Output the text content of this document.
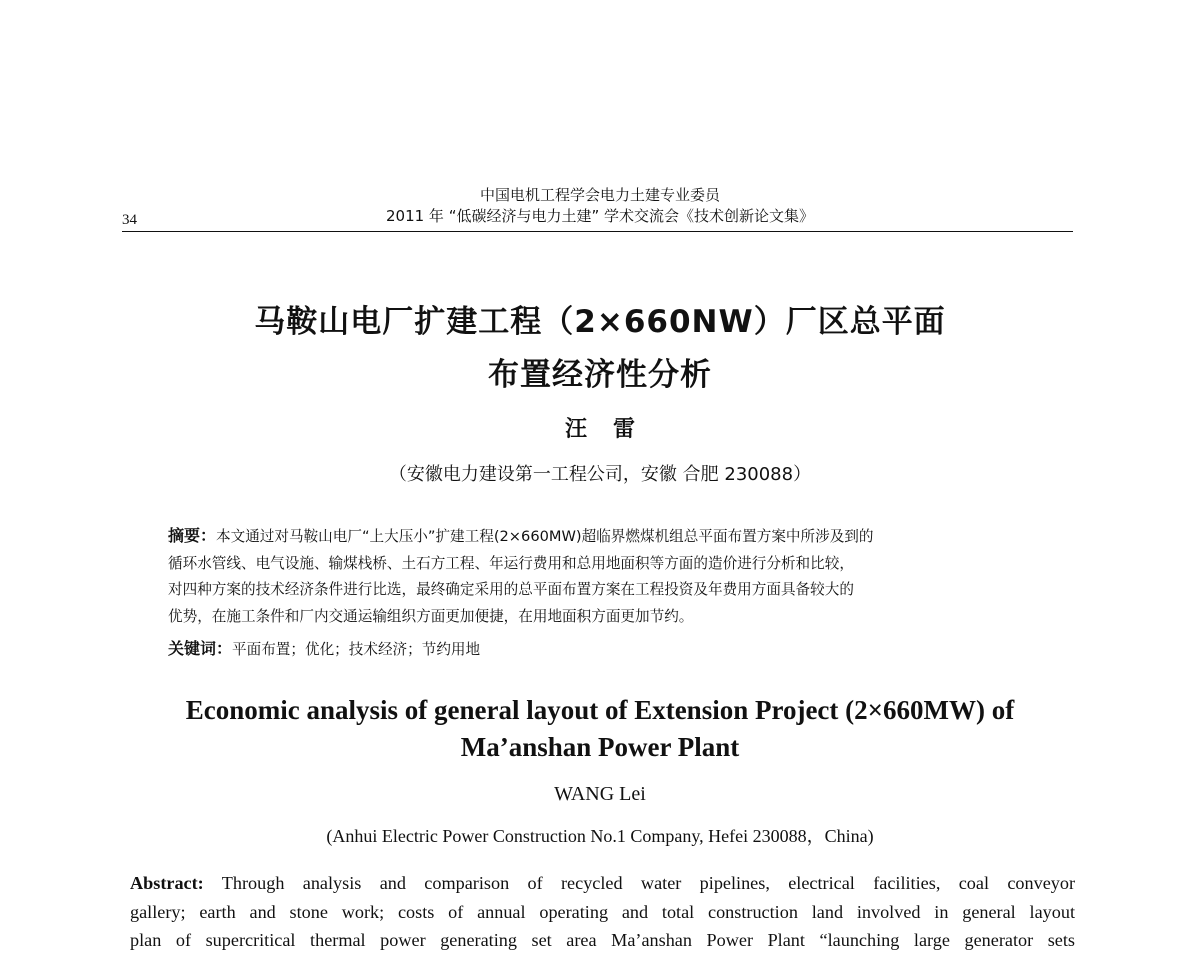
中国电机工程学会电力土建专业委员
2011 年 “低碳经济与电力土建” 学术交流会《技术创新论文集》
34
马鞍山电厂扩建工程（2×660NW）厂区总平面
布置经济性分析
汪雷
（安徽电力建设第一工程公司，安徽 合肥 230088）
摘要：本文通过对马鞍山电厂“上大压小”扩建工程(2×660MW)超临界燃煤机组总平面布置方案中所涉及到的
循环水管线、电气设施、输煤栈桥、土石方工程、年运行费用和总用地面积等方面的造价进行分析和比较，
对四种方案的技术经济条件进行比选，最终确定采用的总平面布置方案在工程投资及年费用方面具备较大的
优势，在施工条件和厂内交通运输组织方面更加便捷，在用地面积方面更加节约。
关键词：平面布置；优化；技术经济；节约用地
Economic analysis of general layout of Extension Project (2×660MW) of
Ma’anshan Power Plant
WANG Lei
(Anhui Electric Power Construction No.1 Company, Hefei 230088，China)
Abstract: Through analysis and comparison of recycled water pipelines, electrical facilities, coal conveyor
gallery; earth and stone work; costs of annual operating and total construction land involved in general layout
plan of supercritical thermal power generating set area Ma’anshan Power Plant “launching large generator sets
